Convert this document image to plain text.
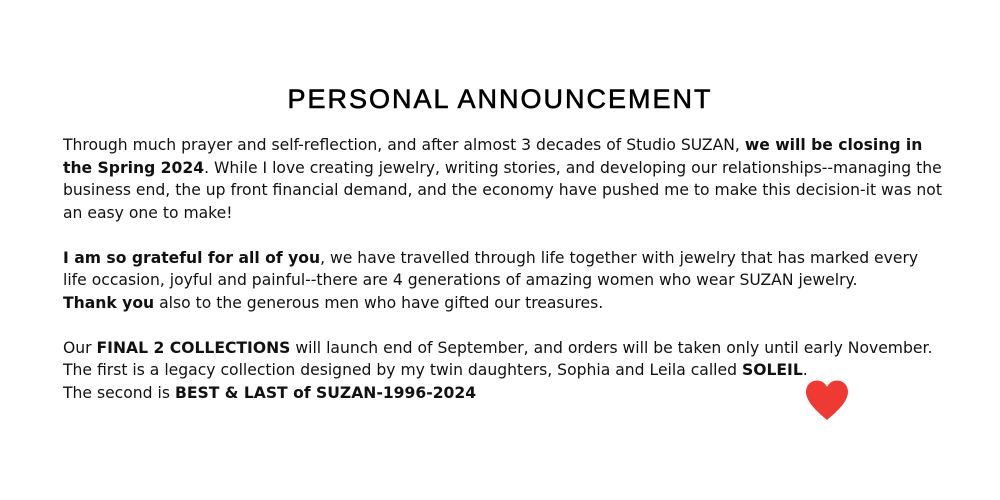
PERSONAL ANNOUNCEMENT

Through much prayer and self-reflection, and after almost 3 decades of Studio SUZAN, we will be closing in the Spring 2024. While I love creating jewelry, writing stories, and developing our relationships--managing the business end, the up front financial demand, and the economy have pushed me to make this decision-it was not an easy one to make!

I am so grateful for all of you, we have travelled through life together with jewelry that has marked every life occasion, joyful and painful--there are 4 generations of amazing women who wear SUZAN jewelry.
Thank you also to the generous men who have gifted our treasures.

Our FINAL 2 COLLECTIONS will launch end of September, and orders will be taken only until early November.
The first is a legacy collection designed by my twin daughters, Sophia and Leila called SOLEIL.
The second is BEST & LAST of SUZAN-1996-2024
